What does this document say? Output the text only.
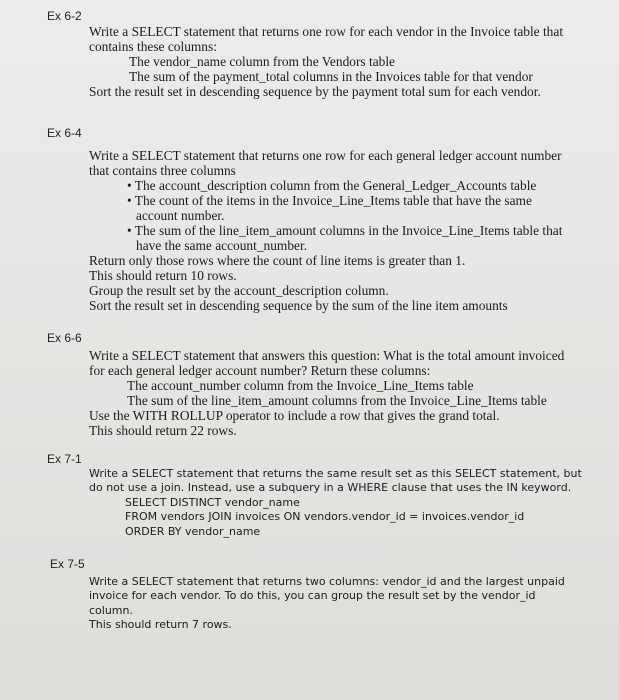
Ex 6-2
Write a SELECT statement that returns one row for each vendor in the Invoice table that
contains these columns:
The vendor_name column from the Vendors table
The sum of the payment_total columns in the Invoices table for that vendor
Sort the result set in descending sequence by the payment total sum for each vendor.
Ex 6-4
Write a SELECT statement that returns one row for each general ledger account number
that contains three columns
• The account_description column from the General_Ledger_Accounts table
• The count of the items in the Invoice_Line_Items table that have the same
account number.
• The sum of the line_item_amount columns in the Invoice_Line_Items table that
have the same account_number.
Return only those rows where the count of line items is greater than 1.
This should return 10 rows.
Group the result set by the account_description column.
Sort the result set in descending sequence by the sum of the line item amounts
Ex 6-6
Write a SELECT statement that answers this question: What is the total amount invoiced
for each general ledger account number? Return these columns:
The account_number column from the Invoice_Line_Items table
The sum of the line_item_amount columns from the Invoice_Line_Items table
Use the WITH ROLLUP operator to include a row that gives the grand total.
This should return 22 rows.
Ex 7-1
Write a SELECT statement that returns the same result set as this SELECT statement, but
do not use a join. Instead, use a subquery in a WHERE clause that uses the IN keyword.
SELECT DISTINCT vendor_name
FROM vendors JOIN invoices ON vendors.vendor_id = invoices.vendor_id
ORDER BY vendor_name
Ex 7-5
Write a SELECT statement that returns two columns: vendor_id and the largest unpaid
invoice for each vendor. To do this, you can group the result set by the vendor_id
column.
This should return 7 rows.
